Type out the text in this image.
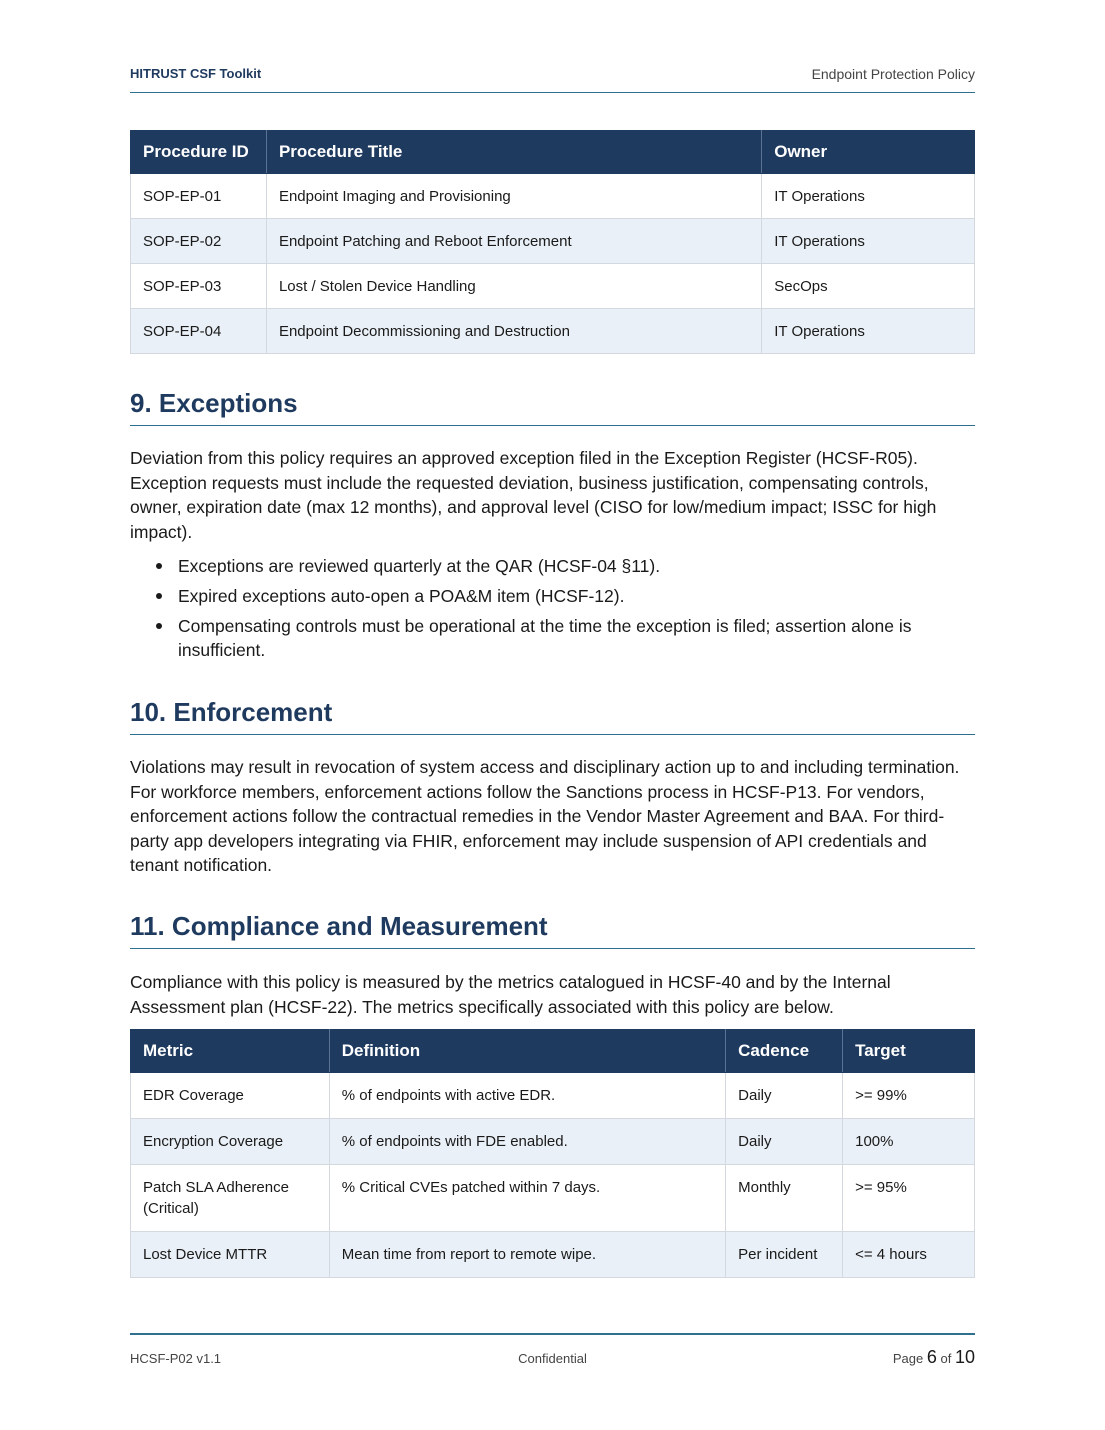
HITRUST CSF Toolkit	Endpoint Protection Policy
Procedure ID	Procedure Title	Owner
SOP-EP-01	Endpoint Imaging and Provisioning	IT Operations
SOP-EP-02	Endpoint Patching and Reboot Enforcement	IT Operations
SOP-EP-03	Lost / Stolen Device Handling	SecOps
SOP-EP-04	Endpoint Decommissioning and Destruction	IT Operations
9. Exceptions

Deviation from this policy requires an approved exception filed in the Exception Register (HCSF-R05). Exception requests must include the requested deviation, business justification, compensating controls, owner, expiration date (max 12 months), and approval level (CISO for low/medium impact; ISSC for high impact).

Exceptions are reviewed quarterly at the QAR (HCSF-04 §11).
Expired exceptions auto-open a POA&M item (HCSF-12).
Compensating controls must be operational at the time the exception is filed; assertion alone is insufficient.
10. Enforcement

Violations may result in revocation of system access and disciplinary action up to and including termination. For workforce members, enforcement actions follow the Sanctions process in HCSF-P13. For vendors, enforcement actions follow the contractual remedies in the Vendor Master Agreement and BAA. For third-party app developers integrating via FHIR, enforcement may include suspension of API credentials and tenant notification.

11. Compliance and Measurement

Compliance with this policy is measured by the metrics catalogued in HCSF-40 and by the Internal Assessment plan (HCSF-22). The metrics specifically associated with this policy are below.

Metric	Definition	Cadence	Target
EDR Coverage	% of endpoints with active EDR.	Daily	>= 99%
Encryption Coverage	% of endpoints with FDE enabled.	Daily	100%
Patch SLA Adherence (Critical)	% Critical CVEs patched within 7 days.	Monthly	>= 95%
Lost Device MTTR	Mean time from report to remote wipe.	Per incident	<= 4 hours
HCSF-P02 v1.1	Confidential	Page 6 of 10
